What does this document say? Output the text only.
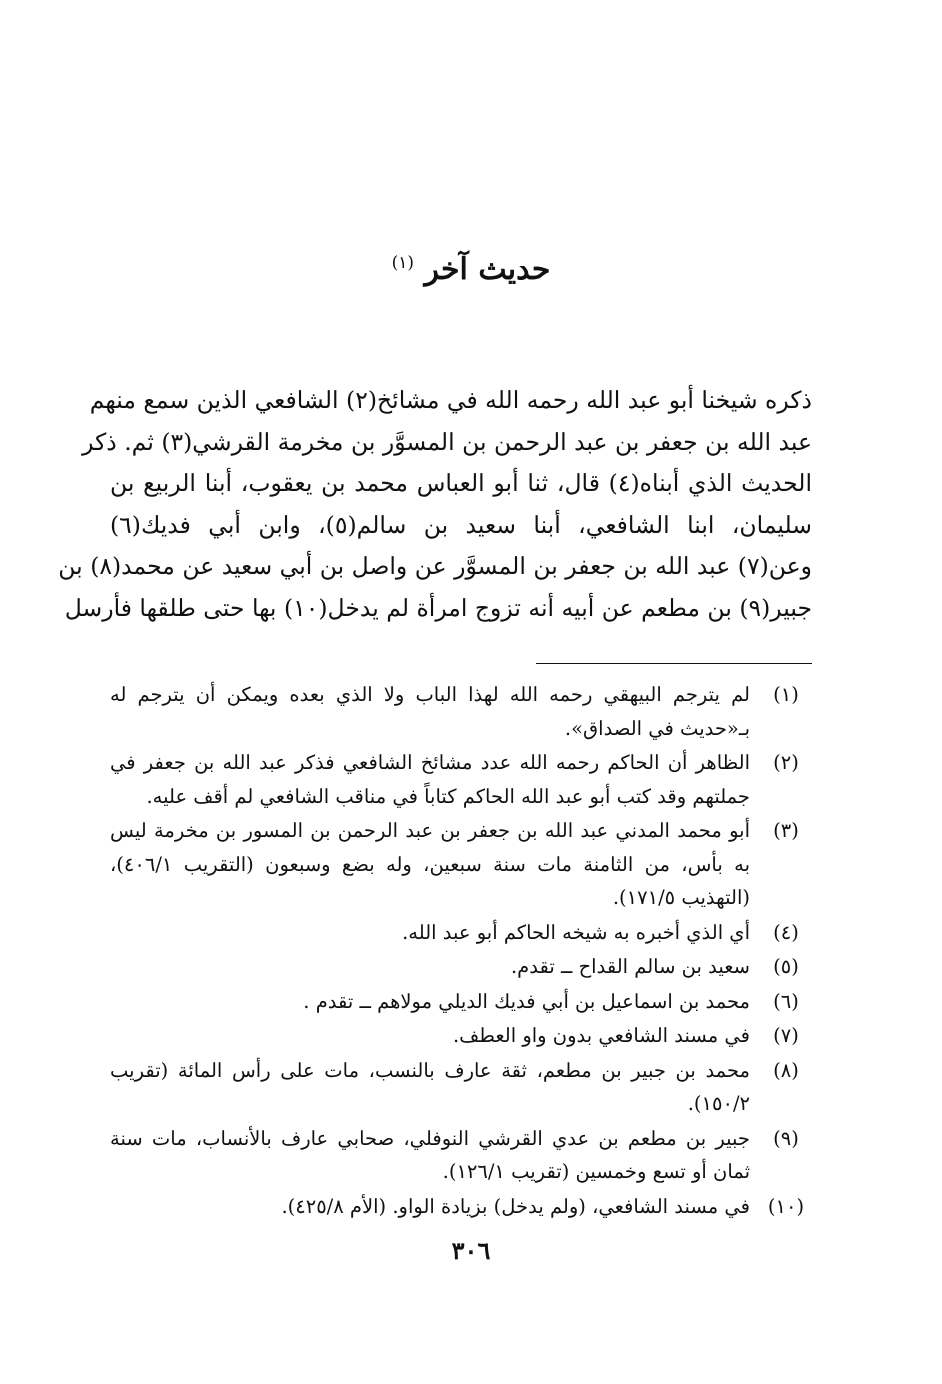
حديث آخر $^{(١)}$
ذكره شيخنا أبو عبد الله رحمه الله في مشائخ(٢) الشافعي الذين سمع منهم
عبد الله بن جعفر بن عبد الرحمن بن المسوَّر بن مخرمة القرشي(٣) ثم. ذكر
الحديث الذي أبناه(٤) قال، ثنا أبو العباس محمد بن يعقوب، أبنا الربيع بن
سليمان، ابنا الشافعي، أبنا سعيد بن سالم(٥)، وابن أبي فديك(٦)
وعن(٧) عبد الله بن جعفر بن المسوَّر عن واصل بن أبي سعيد عن محمد(٨) بن
جبير(٩) بن مطعم عن أبيه أنه تزوج امرأة لم يدخل(١٠) بها حتى طلقها فأرسل
(١)
لم يترجم البيهقي رحمه الله لهذا الباب ولا الذي بعده ويمكن أن يترجم له بـ«حديث في الصداق».
(٢)
الظاهر أن الحاكم رحمه الله عدد مشائخ الشافعي فذكر عبد الله بن جعفر في جملتهم وقد كتب أبو عبد الله الحاكم كتاباً في مناقب الشافعي لم أقف عليه.
(٣)
أبو محمد المدني عبد الله بن جعفر بن عبد الرحمن بن المسور بن مخرمة ليس به بأس، من الثامنة مات سنة سبعين، وله بضع وسبعون (التقريب ٤٠٦/١)، (التهذيب ١٧١/٥).
(٤)
أي الذي أخبره به شيخه الحاكم أبو عبد الله.
(٥)
سعيد بن سالم القداح ــ تقدم.
(٦)
محمد بن اسماعيل بن أبي فديك الديلي مولاهم ــ تقدم .
(٧)
في مسند الشافعي بدون واو العطف.
(٨)
محمد بن جبير بن مطعم، ثقة عارف بالنسب، مات على رأس المائة (تقريب ١٥٠/٢).
(٩)
جبير بن مطعم بن عدي القرشي النوفلي، صحابي عارف بالأنساب، مات سنة ثمان أو تسع وخمسين (تقريب ١٢٦/١).
(١٠)
في مسند الشافعي، (ولم يدخل) بزيادة الواو. (الأم ٤٢٥/٨).
٣٠٦
